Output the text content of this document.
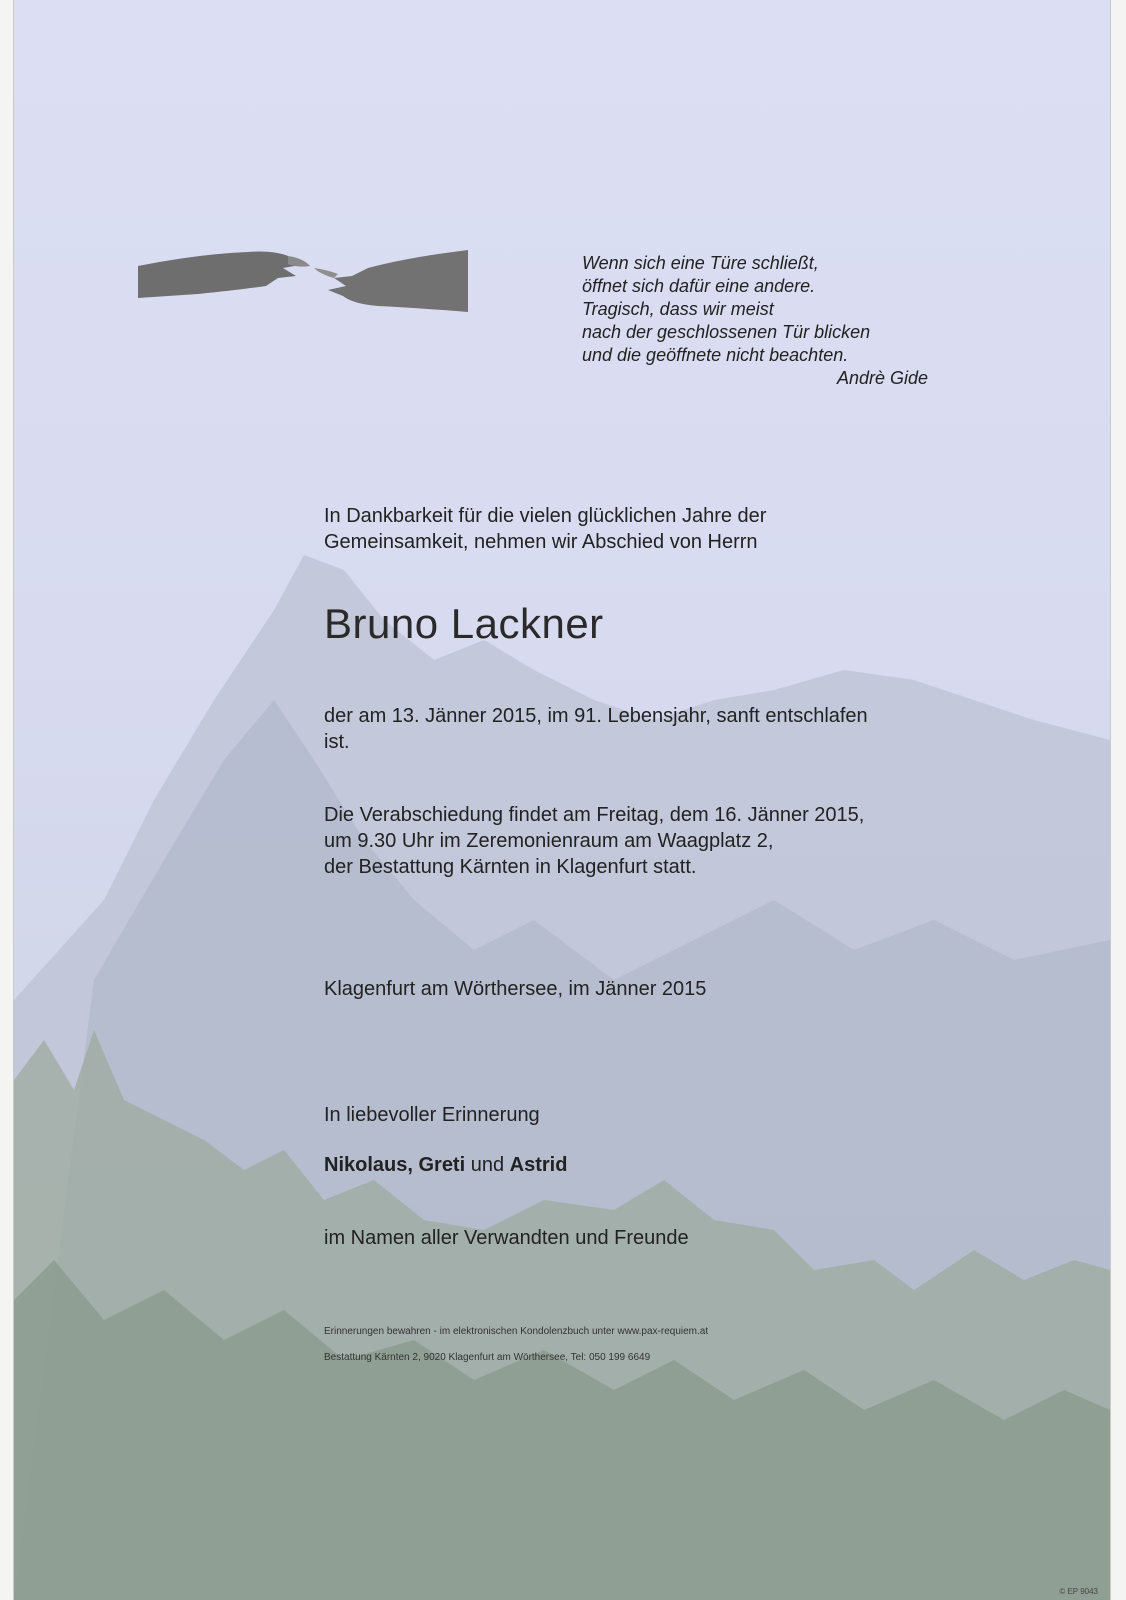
Wenn sich eine Türe schließt,
öffnet sich dafür eine andere.
Tragisch, dass wir meist
nach der geschlossenen Tür blicken
und die geöffnete nicht beachten.
Andrè Gide
In Dankbarkeit für die vielen glücklichen Jahre der
Gemeinsamkeit, nehmen wir Abschied von Herrn
Bruno Lackner
der am 13. Jänner 2015, im 91. Lebensjahr, sanft entschlafen
ist.
Die Verabschiedung findet am Freitag, dem 16. Jänner 2015,
um 9.30 Uhr im Zeremonienraum am Waagplatz 2,
der Bestattung Kärnten in Klagenfurt statt.
Klagenfurt am Wörthersee, im Jänner 2015
In liebevoller Erinnerung
Nikolaus, Greti und Astrid
im Namen aller Verwandten und Freunde
Erinnerungen bewahren - im elektronischen Kondolenzbuch unter www.pax-requiem.at
Bestattung Kärnten 2, 9020 Klagenfurt am Wörthersee, Tel: 050 199 6649
© EP 9043
